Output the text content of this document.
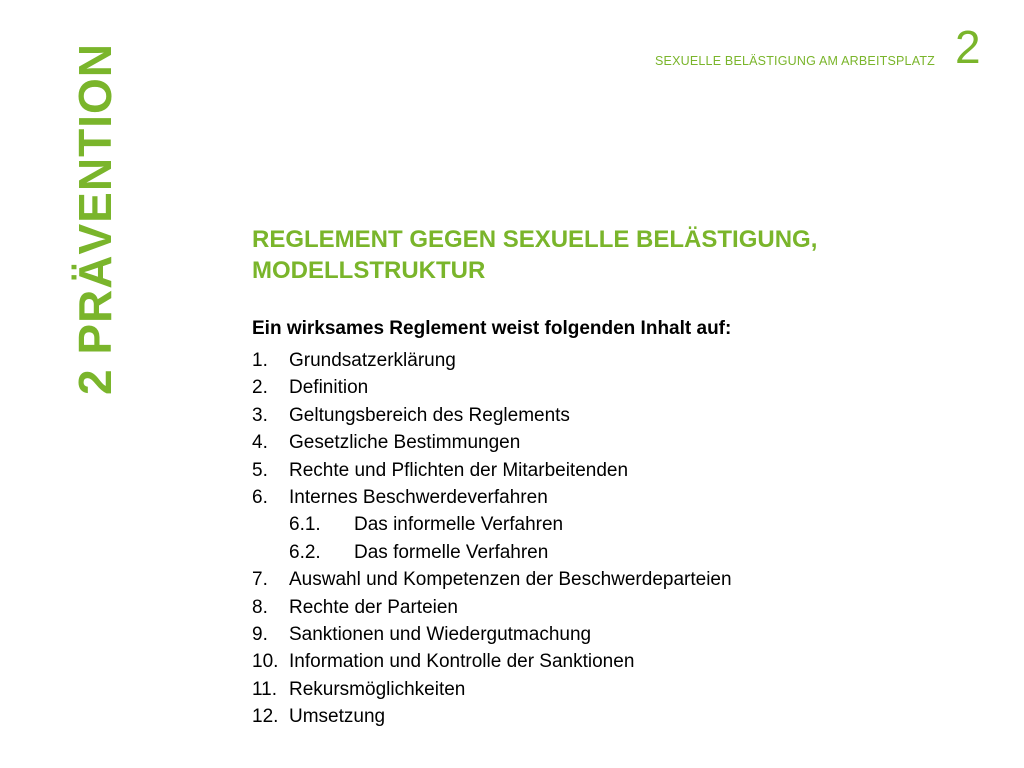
2 PRÄVENTION	SEXUELLE BELÄSTIGUNG AM ARBEITSPLATZ 2
REGLEMENT GEGEN SEXUELLE BELÄSTIGUNG,
MODELLSTRUKTUR

Ein wirksames Reglement weist folgenden Inhalt auf:

1. Grundsatzerklärung
2. Definition
3. Geltungsbereich des Reglements
4. Gesetzliche Bestimmungen
5. Rechte und Pflichten der Mitarbeitenden
6. Internes Beschwerdeverfahren
6.1. Das informelle Verfahren
6.2. Das formelle Verfahren
7. Auswahl und Kompetenzen der Beschwerdeparteien
8. Rechte der Parteien
9. Sanktionen und Wiedergutmachung
10. Information und Kontrolle der Sanktionen
11. Rekursmöglichkeiten
12. Umsetzung
